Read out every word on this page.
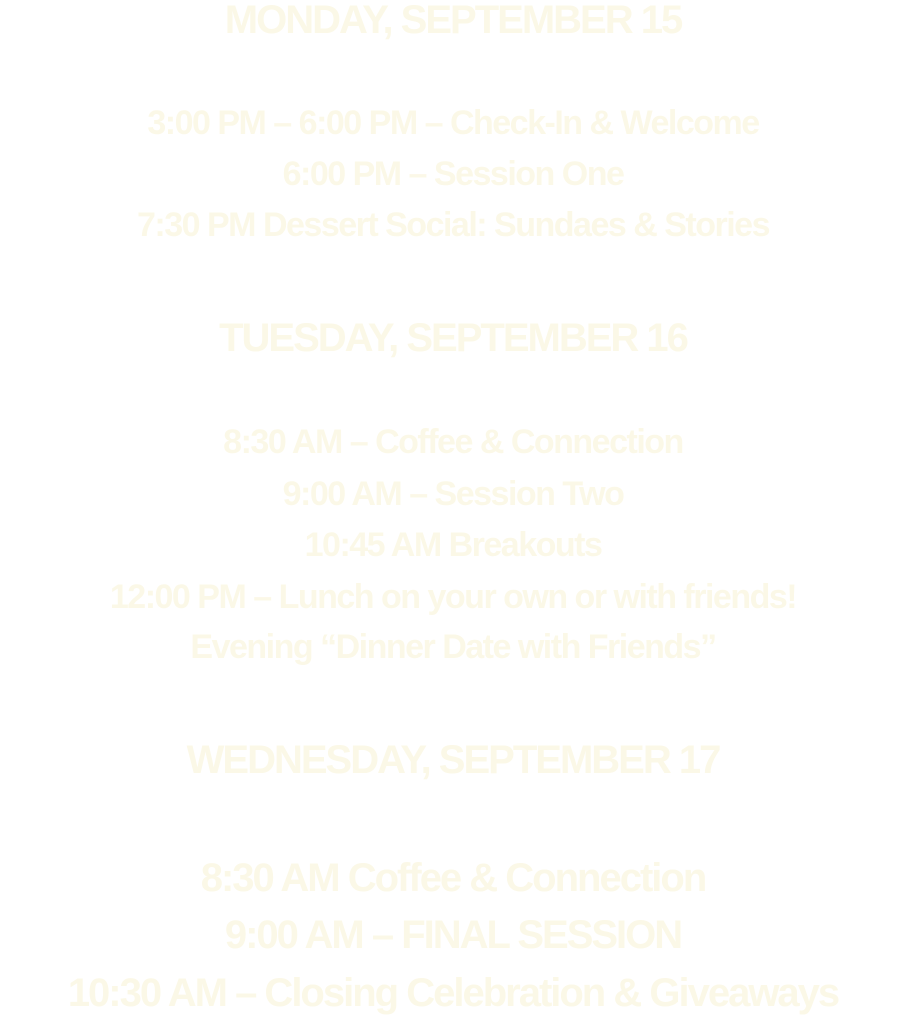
MONDAY, SEPTEMBER 15
3:00 PM – 6:00 PM – Check-In & Welcome
6:00 PM – Session One
7:30 PM Dessert Social: Sundaes & Stories
TUESDAY, SEPTEMBER 16
8:30 AM – Coffee & Connection
9:00 AM – Session Two
10:45 AM Breakouts
12:00 PM – Lunch on your own or with friends!
Evening “Dinner Date with Friends”
WEDNESDAY, SEPTEMBER 17
8:30 AM Coffee & Connection
9:00 AM – FINAL SESSION
10:30 AM – Closing Celebration & Giveaways
